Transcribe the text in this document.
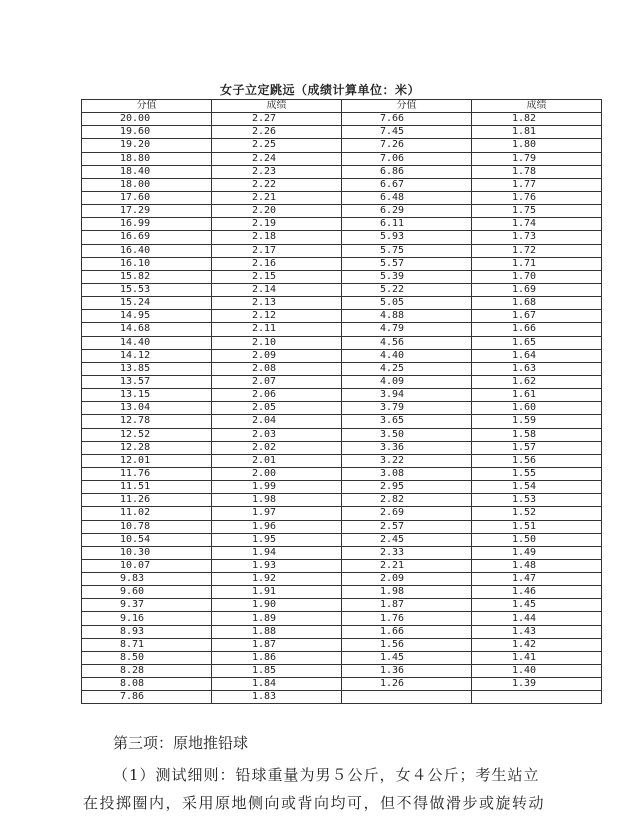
女子立定跳远（成绩计算单位：米）
分值	成绩	分值	成绩
20.00	2.27	7.66	1.82
19.60	2.26	7.45	1.81
19.20	2.25	7.26	1.80
18.80	2.24	7.06	1.79
18.40	2.23	6.86	1.78
18.00	2.22	6.67	1.77
17.60	2.21	6.48	1.76
17.29	2.20	6.29	1.75
16.99	2.19	6.11	1.74
16.69	2.18	5.93	1.73
16.40	2.17	5.75	1.72
16.10	2.16	5.57	1.71
15.82	2.15	5.39	1.70
15.53	2.14	5.22	1.69
15.24	2.13	5.05	1.68
14.95	2.12	4.88	1.67
14.68	2.11	4.79	1.66
14.40	2.10	4.56	1.65
14.12	2.09	4.40	1.64
13.85	2.08	4.25	1.63
13.57	2.07	4.09	1.62
13.15	2.06	3.94	1.61
13.04	2.05	3.79	1.60
12.78	2.04	3.65	1.59
12.52	2.03	3.50	1.58
12.28	2.02	3.36	1.57
12.01	2.01	3.22	1.56
11.76	2.00	3.08	1.55
11.51	1.99	2.95	1.54
11.26	1.98	2.82	1.53
11.02	1.97	2.69	1.52
10.78	1.96	2.57	1.51
10.54	1.95	2.45	1.50
10.30	1.94	2.33	1.49
10.07	1.93	2.21	1.48
9.83	1.92	2.09	1.47
9.60	1.91	1.98	1.46
9.37	1.90	1.87	1.45
9.16	1.89	1.76	1.44
8.93	1.88	1.66	1.43
8.71	1.87	1.56	1.42
8.50	1.86	1.45	1.41
8.28	1.85	1.36	1.40
8.08	1.84	1.26	1.39
7.86	1.83		
第三项：原地推铅球
（1）测试细则：铅球重量为男５公斤，女４公斤；考生站立
在投掷圈内，采用原地侧向或背向均可，但不得做滑步或旋转动
